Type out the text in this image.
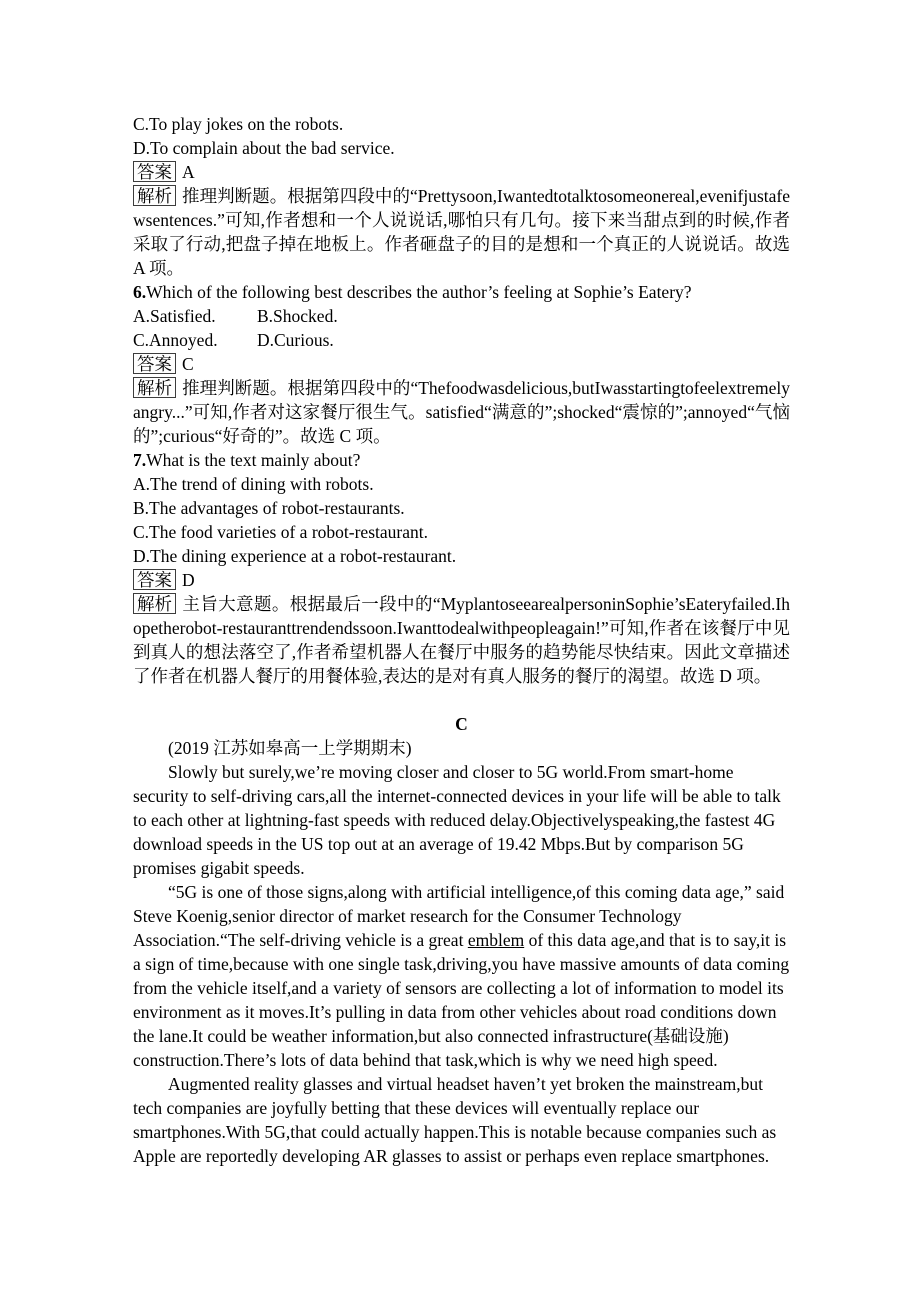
C.To play jokes on the robots.
D.To complain about the bad service.
答案 A
解析 推理判断题。根据第四段中的“Prettysoon,Iwantedtotalktosomeonereal,evenifjustafewsentences.”可知,作者想和一个人说说话,哪怕只有几句。接下来当甜点到的时候,作者采取了行动,把盘子掉在地板上。作者砸盘子的目的是想和一个真正的人说说话。故选 A 项。
6.Which of the following best describes the author’s feeling at Sophie’s Eatery?
A.Satisfied. B.Shocked.
C.Annoyed. D.Curious.
答案 C
解析 推理判断题。根据第四段中的“Thefoodwasdelicious,butIwasstartingtofeelextremelyangry...”可知,作者对这家餐厅很生气。satisfied“满意的”;shocked“震惊的”;annoyed“气恼的”;curious“好奇的”。故选 C 项。
7.What is the text mainly about?
A.The trend of dining with robots.
B.The advantages of robot-restaurants.
C.The food varieties of a robot-restaurant.
D.The dining experience at a robot-restaurant.
答案 D
解析 主旨大意题。根据最后一段中的“MyplantoseearealpersoninSophie’sEateryfailed.Ihopetherobot-restauranttrendendssoon.Iwanttodealwithpeopleagain!”可知,作者在该餐厅中见到真人的想法落空了,作者希望机器人在餐厅中服务的趋势能尽快结束。因此文章描述了作者在机器人餐厅的用餐体验,表达的是对有真人服务的餐厅的渴望。故选 D 项。
C
(2019 江苏如皋高一上学期期末)

Slowly but surely,we’re moving closer and closer to 5G world.From smart-home security to self-driving cars,all the internet-connected devices in your life will be able to talk to each other at lightning-fast speeds with reduced delay.Objectivelyspeaking,the fastest 4G download speeds in the US top out at an average of 19.42 Mbps.But by comparison 5G promises gigabit speeds.

“5G is one of those signs,along with artificial intelligence,of this coming data age,” said Steve Koenig,senior director of market research for the Consumer Technology Association.“The self-driving vehicle is a great emblem of this data age,and that is to say,it is a sign of time,because with one single task,driving,you have massive amounts of data coming from the vehicle itself,and a variety of sensors are collecting a lot of information to model its environment as it moves.It’s pulling in data from other vehicles about road conditions down the lane.It could be weather information,but also connected infrastructure(基础设施) construction.There’s lots of data behind that task,which is why we need high speed.

Augmented reality glasses and virtual headset haven’t yet broken the mainstream,but tech companies are joyfully betting that these devices will eventually replace our smartphones.With 5G,that could actually happen.This is notable because companies such as Apple are reportedly developing AR glasses to assist or perhaps even replace smartphones.
